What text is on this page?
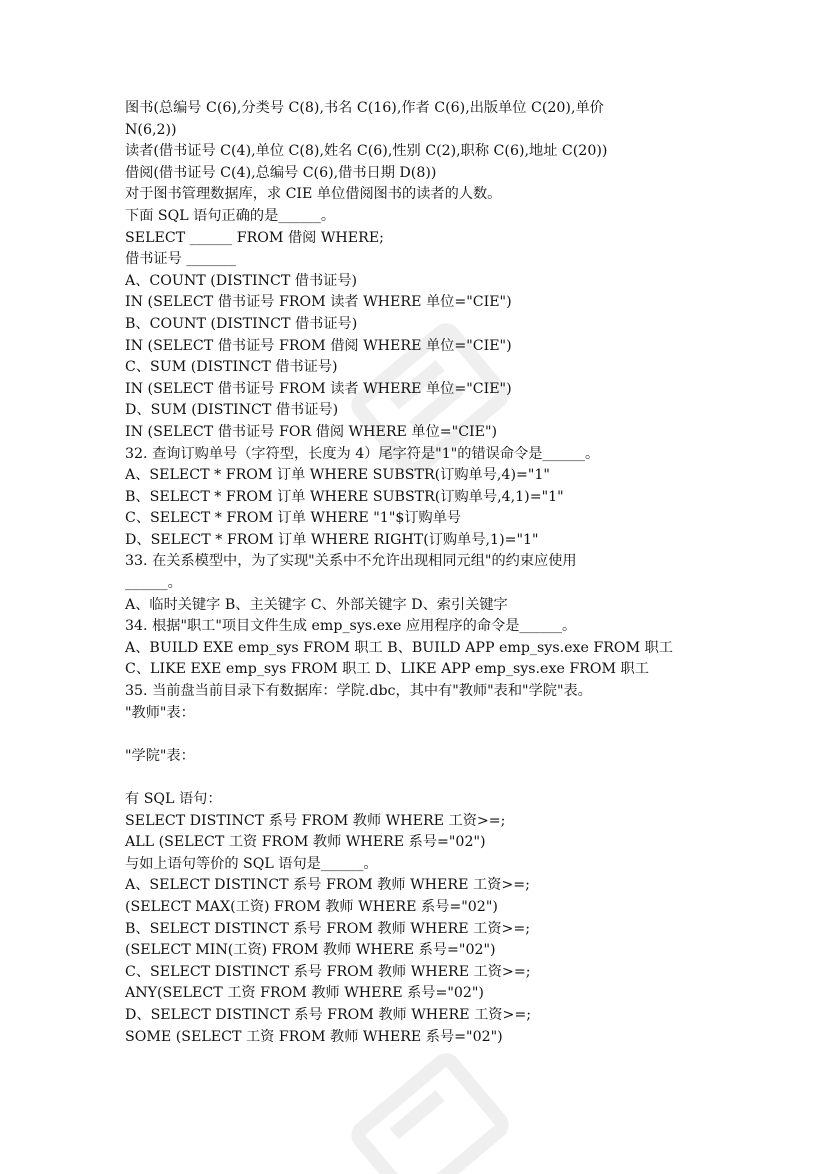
图书(总编号 C(6),分类号 C(8),书名 C(16),作者 C(6),出版单位 C(20),单价
N(6,2))
读者(借书证号 C(4),单位 C(8),姓名 C(6),性别 C(2),职称 C(6),地址 C(20))
借阅(借书证号 C(4),总编号 C(6),借书日期 D(8))
对于图书管理数据库，求 CIE 单位借阅图书的读者的人数。
下面 SQL 语句正确的是______。
SELECT ______ FROM 借阅 WHERE;
借书证号 _______
A、COUNT (DISTINCT 借书证号)
IN (SELECT 借书证号 FROM 读者 WHERE 单位="CIE")
B、COUNT (DISTINCT 借书证号)
IN (SELECT 借书证号 FROM 借阅 WHERE 单位="CIE")
C、SUM (DISTINCT 借书证号)
IN (SELECT 借书证号 FROM 读者 WHERE 单位="CIE")
D、SUM (DISTINCT 借书证号)
IN (SELECT 借书证号 FOR 借阅 WHERE 单位="CIE")
32. 查询订购单号（字符型，长度为 4）尾字符是"1"的错误命令是______。
A、SELECT * FROM 订单 WHERE SUBSTR(订购单号,4)="1"
B、SELECT * FROM 订单 WHERE SUBSTR(订购单号,4,1)="1"
C、SELECT * FROM 订单 WHERE "1"$订购单号
D、SELECT * FROM 订单 WHERE RIGHT(订购单号,1)="1"
33. 在关系模型中，为了实现"关系中不允许出现相同元组"的约束应使用
______。
A、临时关键字 B、主关键字 C、外部关键字 D、索引关键字
34. 根据"职工"项目文件生成 emp_sys.exe 应用程序的命令是______。
A、BUILD EXE emp_sys FROM 职工 B、BUILD APP emp_sys.exe FROM 职工
C、LIKE EXE emp_sys FROM 职工 D、LIKE APP emp_sys.exe FROM 职工
35. 当前盘当前目录下有数据库：学院.dbc，其中有"教师"表和"学院"表。
"教师"表：
"学院"表：
有 SQL 语句：
SELECT DISTINCT 系号 FROM 教师 WHERE 工资>=;
ALL (SELECT 工资 FROM 教师 WHERE 系号="02")
与如上语句等价的 SQL 语句是______。
A、SELECT DISTINCT 系号 FROM 教师 WHERE 工资>=;
(SELECT MAX(工资) FROM 教师 WHERE 系号="02")
B、SELECT DISTINCT 系号 FROM 教师 WHERE 工资>=;
(SELECT MIN(工资) FROM 教师 WHERE 系号="02")
C、SELECT DISTINCT 系号 FROM 教师 WHERE 工资>=;
ANY(SELECT 工资 FROM 教师 WHERE 系号="02")
D、SELECT DISTINCT 系号 FROM 教师 WHERE 工资>=;
SOME (SELECT 工资 FROM 教师 WHERE 系号="02")
